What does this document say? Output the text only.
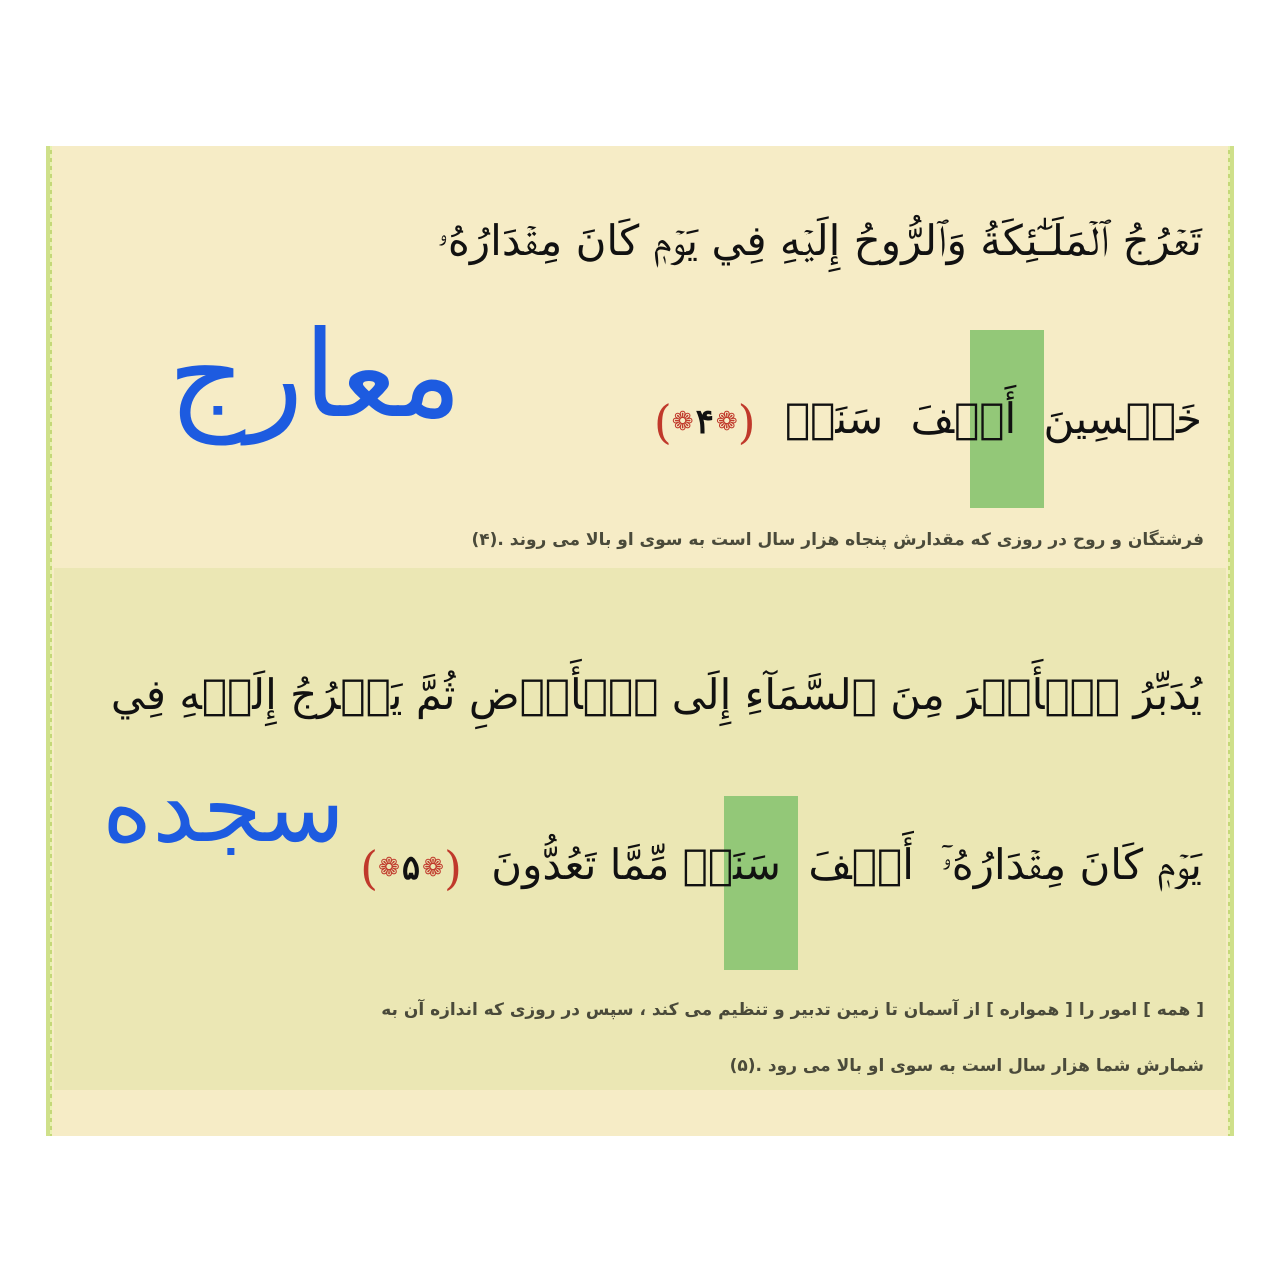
تَعۡرُجُ ٱلۡمَلَـٰٓئِكَةُ وَٱلرُّوحُ إِلَيۡهِ فِي يَوۡمٖ كَانَ مِقۡدَارُهُۥ
خَمۡسِينَ أَلۡفَ سَنَةٖ (❁۴❁)
معارج
فرشتگان و روح در روزی که مقدارش پنجاه هزار سال است به سوی او بالا می روند .(۴)
يُدَبِّرُ ٱلۡأَمۡرَ مِنَ ٱلسَّمَآءِ إِلَى ٱلۡأَرۡضِ ثُمَّ يَعۡرُجُ إِلَيۡهِ فِي
يَوۡمٖ كَانَ مِقۡدَارُهُۥٓ أَلۡفَ سَنَةٖ مِّمَّا تَعُدُّونَ (❁۵❁)
سجده
[ همه ] امور را [ همواره ] از آسمان تا زمین تدبیر و تنظیم می کند ، سپس در روزی که اندازه آن به
شمارش شما هزار سال است به سوی او بالا می رود .(۵)
